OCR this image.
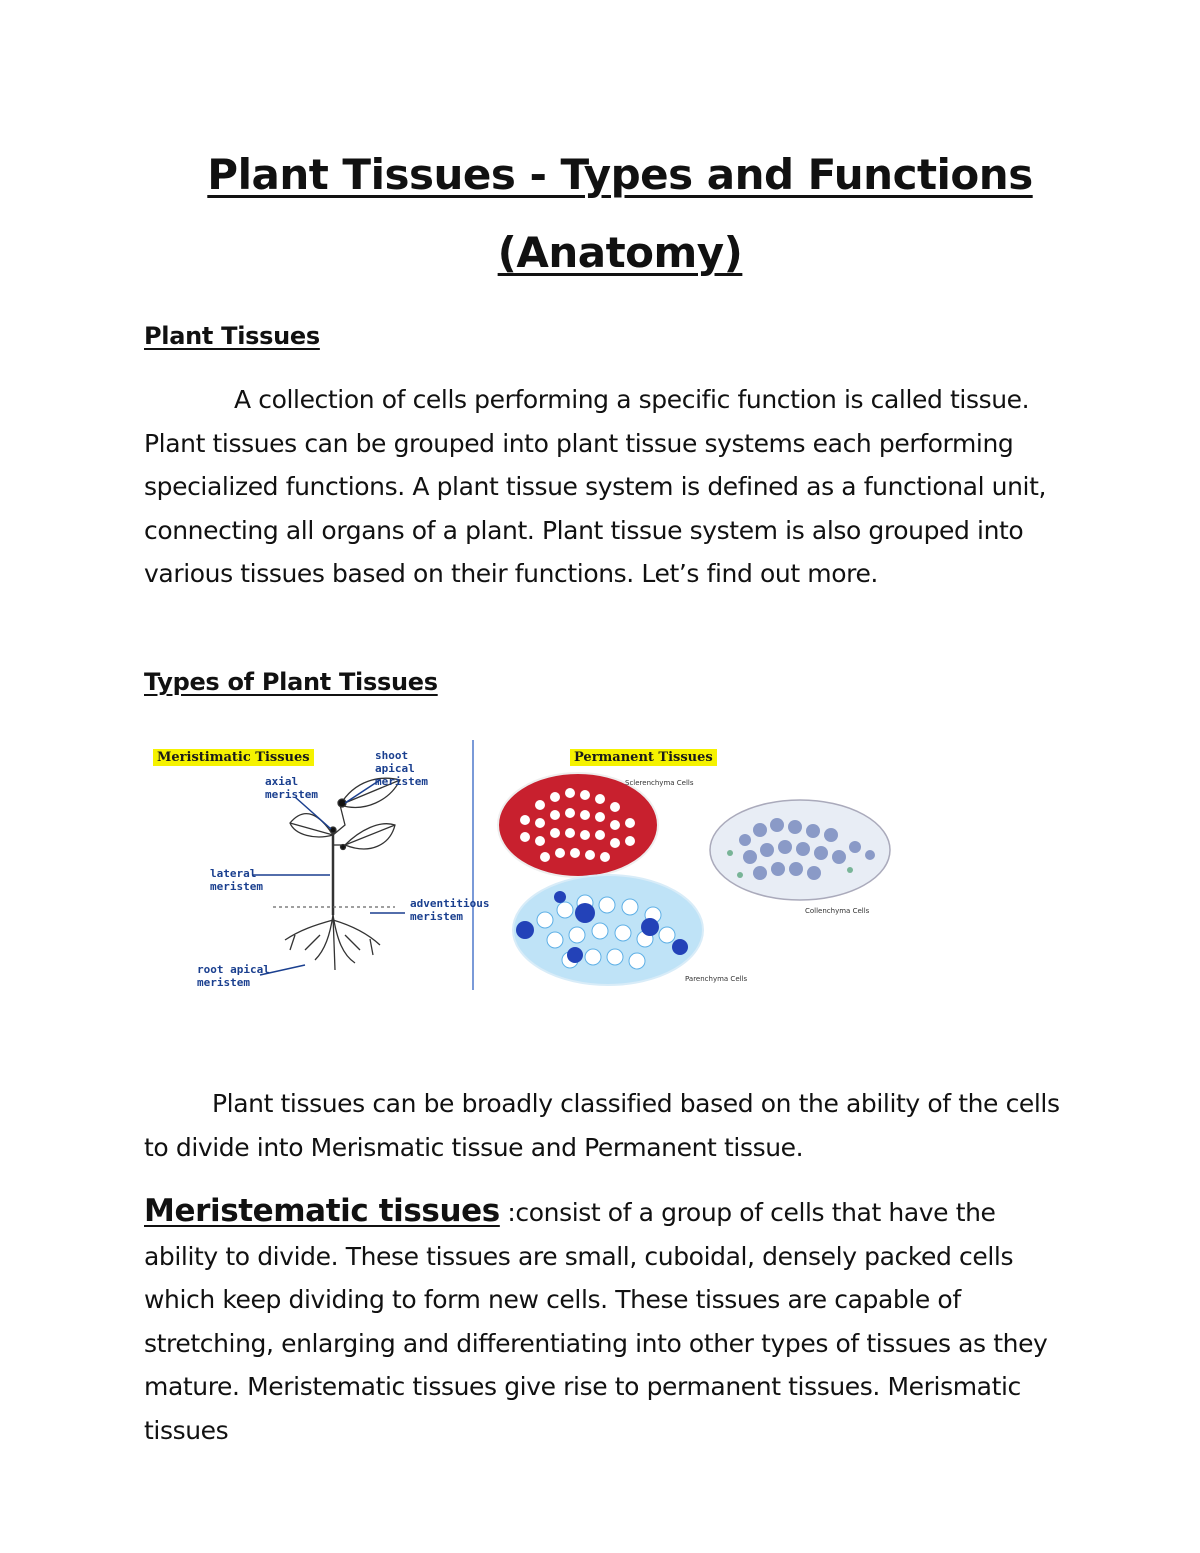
Plant Tissues - Types and Functions
(Anatomy)
Plant Tissues

A collection of cells performing a specific function is called tissue. Plant tissues can be grouped into plant tissue systems each performing specialized functions. A plant tissue system is defined as a functional unit, connecting all organs of a plant. Plant tissue system is also grouped into various tissues based on their functions. Let’s find out more.

Types of Plant Tissues
Meristimatic Tissues	Permanent Tissues
axial
meristem
shoot
apical
meristem
lateral
meristem
adventitious
meristem
root apical
meristem
Sclerenchyma Cells
Collenchyma Cells
Parenchyma Cells

Plant tissues can be broadly classified based on the ability of the cells to divide into Merismatic tissue and Permanent tissue.

Meristematic tissues :consist of a group of cells that have the ability to divide. These tissues are small, cuboidal, densely packed cells which keep dividing to form new cells. These tissues are capable of stretching, enlarging and differentiating into other types of tissues as they mature. Meristematic tissues give rise to permanent tissues. Merismatic tissues
